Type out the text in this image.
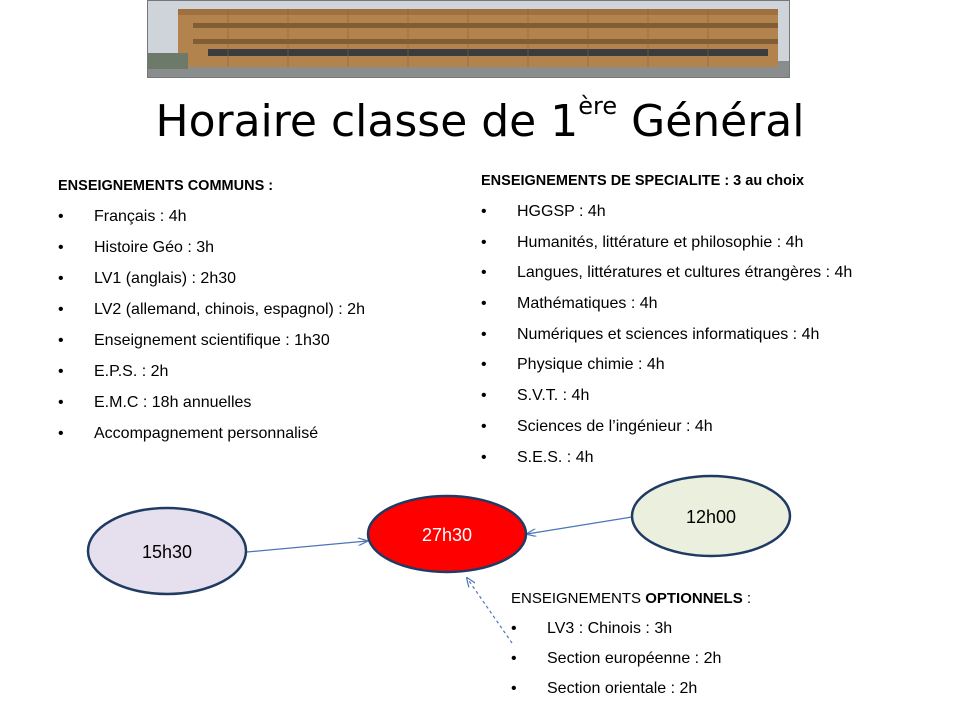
Horaire classe de 1ère Général
ENSEIGNEMENTS COMMUNS :
• Français : 4h
• Histoire Géo : 3h
• LV1 (anglais) : 2h30
• LV2 (allemand, chinois, espagnol) : 2h
• Enseignement scientifique : 1h30
• E.P.S. : 2h
• E.M.C : 18h annuelles
• Accompagnement personnalisé
ENSEIGNEMENTS DE SPECIALITE : 3 au choix
• HGGSP : 4h
• Humanités, littérature et philosophie : 4h
• Langues, littératures et cultures étrangères : 4h
• Mathématiques : 4h
• Numériques et sciences informatiques : 4h
• Physique chimie : 4h
• S.V.T. : 4h
• Sciences de l’ingénieur : 4h
• S.E.S. : 4h
15h30
27h30
12h00
ENSEIGNEMENTS OPTIONNELS :
• LV3 : Chinois : 3h
• Section européenne : 2h
• Section orientale : 2h
